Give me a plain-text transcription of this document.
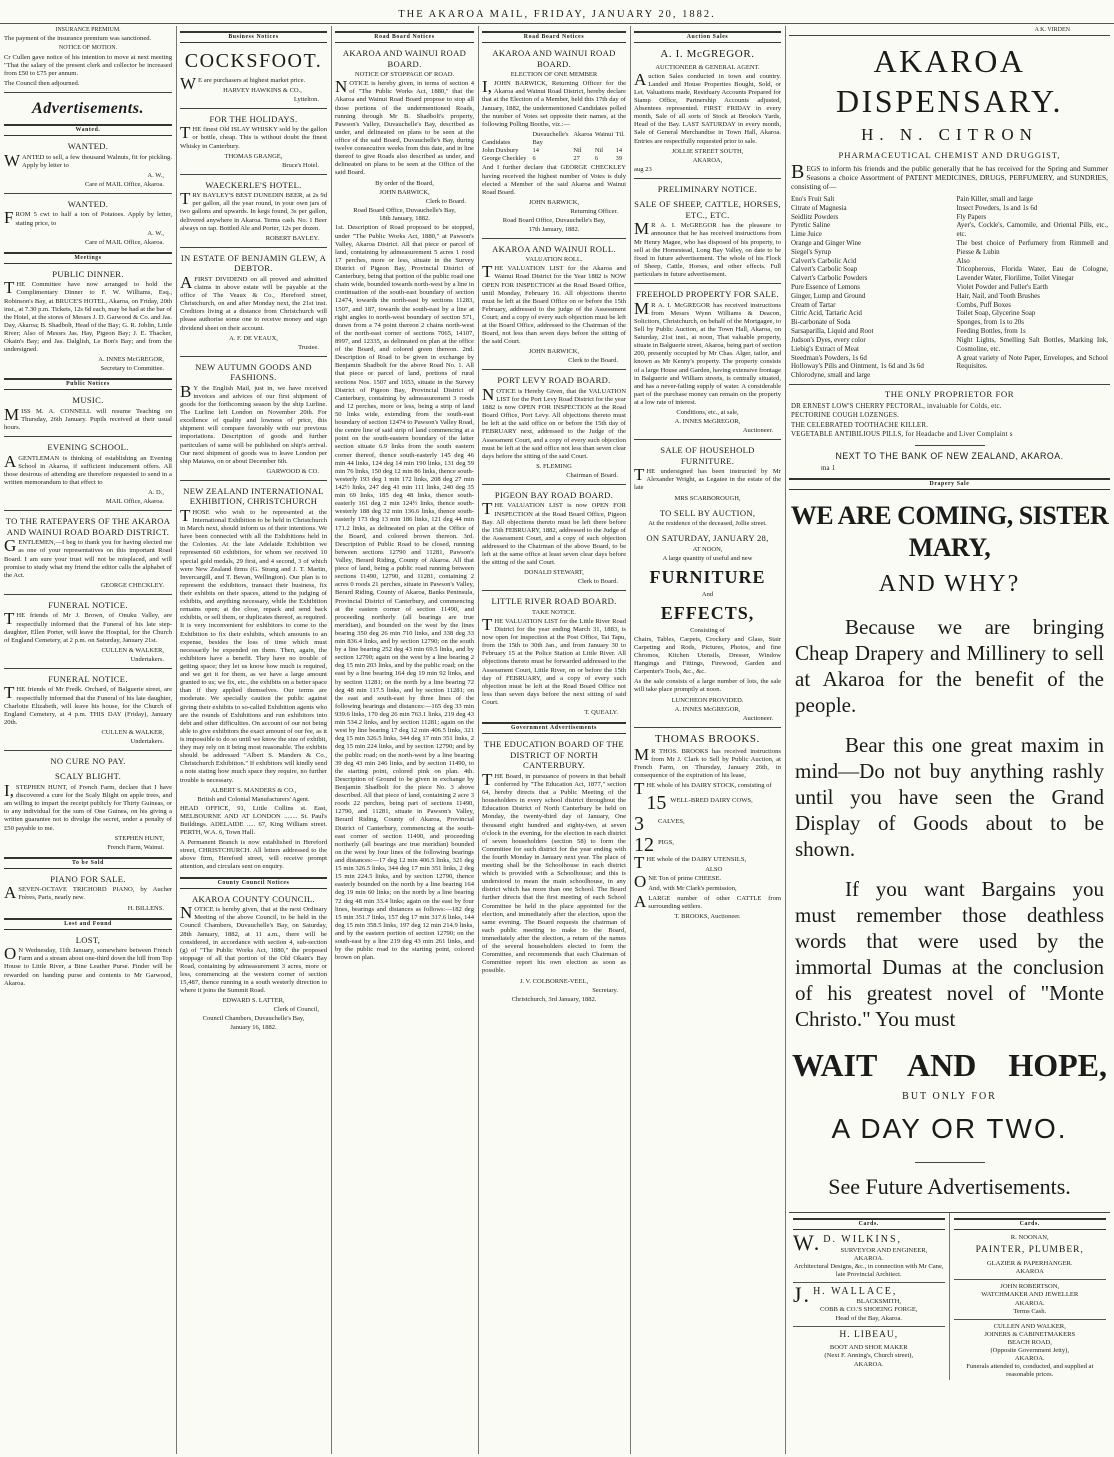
THE AKAROA MAIL, FRIDAY, JANUARY 20, 1882.
INSURANCE PREMIUM.
The payment of the insurance premium was sanctioned.
NOTICE OF MOTION.
Cr Cullen gave notice of his intention to move at next meeting "That the salary of the present clerk and collector be increased from £50 to £75 per annum.
The Council then adjourned.
Advertisements.
Wanted.
WANTED.
WANTED to sell, a few thousand Walnuts, fit for pickling. Apply by letter to
A. W.,
Care of MAIL Office, Akaroa.
WANTED.
FROM 5 cwt to half a ton of Potatoes. Apply by letter, stating price, to
A. W.,
Care of MAIL Office, Akaroa.
Meetings
PUBLIC DINNER.
THE Committee have now arranged to hold the Complimentary Dinner to F. W. Williams, Esq., Robinson's Bay, at BRUCE'S HOTEL, Akaroa, on Friday, 20th inst., at 7.30 p.m. Tickets, 12s 6d each, may be had at the bar of the Hotel, at the stores of Messrs J. D. Garwood & Co. and Jas. Day, Akaroa; B. Shadbolt, Head of the Bay; G. R. Joblin, Little River; Also of Messrs Jas. Hay, Pigeon Bay; J. E. Thacker, Okain's Bay; and Jas. Dalglish, Le Bon's Bay; and from the undersigned.
A. INNES McGREGOR,
Secretary to Committee.
Public Notices
MUSIC.
MISS M. A. CONNELL will resume Teaching on Thursday, 26th January. Pupils received at their usual hours.
EVENING SCHOOL.
AGENTLEMAN is thinking of establishing an Evening School in Akaroa, if sufficient inducement offers. All those desirous of attending are therefore requested to send in a written memorandum to that effect to
A. D.,
MAIL Office, Akaroa.
TO THE RATEPAYERS OF THE AKAROA AND WAINUI ROAD BOARD DISTRICT.
GENTLEMEN,—I beg to thank you for having elected me as one of your representatives on this important Road Board. I am sure your trust will not be misplaced, and will promise to study what my friend the editor calls the alphabet of the Act.
GEORGE CHECKLEY.
FUNERAL NOTICE.
THE friends of Mr J. Brown, of Onuku Valley, are respectfully informed that the Funeral of his late step-daughter, Ellen Porter, will leave the Hospital, for the Church of England Cemetery, at 2 p.m. on Saturday, January 21st.
CULLEN & WALKER,
Undertakers.
FUNERAL NOTICE.
THE friends of Mr Fredk. Orchard, of Balguerie street, are respectfully informed that the Funeral of his late daughter, Charlotte Elizabeth, will leave his house, for the Church of England Cemetery, at 4 p.m. THIS DAY (Friday), January 20th.
CULLEN & WALKER,
Undertakers.
NO CURE NO PAY.
SCALY BLIGHT.
I,STEPHEN HUNT, of French Farm, declare that I have discovered a cure for the Scaly Blight on apple trees, and am willing to impart the receipt publicly for Thirty Guineas, or to any individual for the sum of One Guinea, on his giving a written guarantee not to divulge the secret, under a penalty of £50 payable to me.
STEPHEN HUNT,
French Farm, Wainui.
To be Sold
PIANO FOR SALE.
ASEVEN-OCTAVE TRICHORD PIANO, by Aucher Frères, Paris, nearly new.
H. BILLENS.
Lost and Found
LOST,
ON Wednesday, 11th January, somewhere between French Farm and a stream about one-third down the hill from Top House to Little River, a Bine Leather Purse. Finder will be rewarded on handing purse and contents to Mr Garwood, Akaroa.
Business Notices
COCKSFOOT.
WE are purchasers at highest market price.
HARVEY HAWKINS & CO.,
Lyttelton.
FOR THE HOLIDAYS.
THE finest Old ISLAY WHISKY sold by the gallon or bottle, cheap. This is without doubt the finest Whisky in Canterbury.
THOMAS GRANGE,
Bruce's Hotel.
WAECKERLE'S HOTEL.
TRY BAYLEY'S BEST DUNEDIN BEER, at 2s 9d per gallon, all the year round, in your own jars of two gallons and upwards. In kegs found, 3s per gallon, delivered anywhere in Akaroa. Terms cash. No. 1 Beer always on tap. Bottled Ale and Porter, 12s per dozen.
ROBERT BAYLEY.
IN ESTATE OF BENJAMIN GLEW, A DEBTOR.
AFIRST DIVIDEND on all proved and admitted claims in above estate will be payable at the office of The Veaux & Co., Hereford street, Christchurch, on and after Monday next, the 21st inst. Creditors living at a distance from Christchurch will please authorise some one to receive money and sign dividend sheet on their account.
A. F. DE VEAUX,
Trustee.
NEW AUTUMN GOODS AND FASHIONS.
BY the English Mail, just in, we have received invoices and advices of our first shipment of goods for the forthcoming season by the ship Lurline. The Lurline left London on November 20th. For excellence of quality and lowness of price, this shipment will compare favorably with our previous importations. Description of goods and further particulars of same will be published on ship's arrival. Our next shipment of goods was to leave London per ship Matawa, on or about December 6th.
GARWOOD & CO.
NEW ZEALAND INTERNATIONAL EXHIBITION, CHRISTCHURCH
THOSE who wish to be represented at the International Exhibition to be held in Christchurch in March next, should inform us of their intentions. We have been connected with all the Exhibitions held in the Colonies. At the late Adelaide Exhibition we represented 60 exhibitors, for whom we received 10 special gold medals, 29 first, and 4 second, 3 of which were New Zealand firms (G. Strang and J. T. Martin, Invercargill, and T. Bevan, Wellington). Our plan is to represent the exhibitors, transact their business, fix their exhibits on their spaces, attend to the judging of exhibits, and anything necessary, while the Exhibition remains open; at the close, repack and send back exhibits, or sell them, or duplicates thereof, as required. It is very inconvenient for exhibitors to come to the Exhibition to fix their exhibits, which amounts to an expense, besides the loss of time which must necessarily be expended on them. Then, again, the exhibitors have a benefit. They have no trouble of getting space; they let us know how much is required, and we get it for them, as we have a large amount granted to us; we fix, etc., the exhibits on a better space than if they applied themselves. Our terms are moderate. We specially caution the public against giving their exhibits to so-called Exhibition agents who are the rounds of Exhibitions and run exhibitors into debt and other difficulties. On account of our not being able to give exhibitors the exact amount of our fee, as it is impossible to do so until we know the size of exhibit, they may rely on it being most reasonable. The exhibits should be addressed "Albert S. Manders & Co., Christchurch Exhibition." If exhibitors will kindly send a note stating how much space they require, no further trouble is necessary.
ALBERT S. MANDERS & CO.,
British and Colonial Manufacturers' Agent.
HEAD OFFICE, 91, Little Collins st. East, MELBOURNE AND AT LONDON ........ St. Paul's Buildings. ADELAIDE ..... 67, King William street. PERTH, W.A. 6, Town Hall.
A Permanent Branch is now established in Hereford street, CHRISTCHURCH. All letters addressed to the above firm, Hereford street, will receive prompt attention, and circulars sent on enquiry.
County Council Notices
AKAROA COUNTY COUNCIL.
NOTICE is hereby given, that at the next Ordinary Meeting of the above Council, to be held in the Council Chambers, Duvauchelle's Bay, on Saturday, 28th January, 1882, at 11 a.m., there will be considered, in accordance with section 4, sub-section (g) of "The Public Works Act, 1880," the proposed stoppage of all that portion of the Old Okain's Bay Road, containing by admeasurement 3 acres, more or less, commencing at the western corner of section 15,487, thence running in a south westerly direction to where it joins the Summit Road.
EDWARD S. LATTER,
Clerk of Council,
Council Chambers, Duvauchelle's Bay,
January 16, 1882.
Road Board Notices
AKAROA AND WAINUI ROAD BOARD.
NOTICE OF STOPPAGE OF ROAD.
NOTICE is hereby given, in terms of section 4 of "The Public Works Act, 1880," that the Akaroa and Wainui Road Board propose to stop all those portions of the undermentioned Roads, running through Mr B. Shadbolt's property, Pawson's Valley, Duvauchelle's Bay, described as under, and delineated on plans to be seen at the office of the said Board, Duvauchelle's Bay, during twelve consecutive weeks from this date, and in line thereof to give Roads also described as under, and delineated on plans to be seen at the Office of the said Board.
By order of the Board,
JOHN BARWICK,
Clerk to Board.
Road Board Office, Duvauchelle's Bay,
18th January, 1882.
1st. Description of Road proposed to be stopped, under "The Public Works Act, 1880," at Pawson's Valley, Akaroa District. All that piece or parcel of land, containing by admeasurement 5 acres 1 rood 17 perches, more or less, situate in the Survey District of Pigeon Bay, Provincial District of Canterbury, being that portion of the public road one chain wide, bounded towards north-west by a line in continuation of the south-east boundary of section 12474, towards the north-east by sections 11283, 1507, and 187, towards the south-east by a line at right angles to north-west boundary of section 571, drawn from a 74 point thereon 2 chains north-west of the north-east corner of sections 7065, 14107, 8997, and 12335, as delineated on plan at the office of the Board, and colored green thereon. 2nd. Description of Road to be given in exchange by Benjamin Shadbolt for the above Road No. 1. All that piece or parcel of land, portions of rural sections Nos. 1507 and 1653, situate in the Survey District of Pigeon Bay, Provincial District of Canterbury, containing by admeasurement 3 roods and 12 perches, more or less, being a strip of land 50 links wide, extending from the south-east boundary of section 12474 to Pawson's Valley Road, the centre line of said strip of land commencing at a point on the south-eastern boundary of the latter section situate 6.9 links from the south eastern corner thereof, thence south-easterly 145 deg 46 min 44 links, 124 deg 14 min 190 links, 131 deg 59 min 76 links, 150 deg 12 min 86 links, thence south-westerly 193 deg 1 min 172 links, 208 deg 27 min 142½ links, 247 deg 41 min 111 links, 240 deg 35 min 69 links, 185 deg 48 links, thence south-easterly 161 deg 2 min 124½ links, thence south-westerly 188 deg 32 min 136.6 links, thence south-easterly 173 deg 13 min 186 links, 121 deg 44 min 171.2 links, as delineated on plan at the Office of the Board, and colored brown thereon. 3rd. Description of Public Road to be closed, running between sections 12790 and 11281, Pawson's Valley, Berard Riding, County of Akaroa. All that piece of land, being a public road running between sections 11490, 12790, and 11281, containing 2 acres 0 roods 21 perches, situate in Pawson's Valley, Berard Riding, County of Akaroa, Banks Peninsula, Provincial District of Canterbury, and commencing at the eastern corner of section 11490, and proceeding northerly (all bearings are true meridian), and bounded on the west by the lines bearing 350 deg 26 min 710 links, and 338 deg 33 min 836.4 links, and by section 12790; on the south by a line bearing 252 deg 43 min 69.5 links, and by section 12790; again on the west by a line bearing 2 deg 15 min 203 links, and by the public road; on the east by a line bearing 164 deg 19 min 92 links, and by section 11281; on the north by a line bearing 72 deg 48 min 117.5 links, and by section 11281; on the east and south-east by three lines of the following bearings and distances:—165 deg 33 min 939.6 links, 170 deg 26 min 763.1 links, 219 deg 43 min 534.2 links, and by section 11281; again on the west by line bearing 17 deg 12 min 406.5 links, 321 deg 15 min 326.5 links, 344 deg 17 min 351 links, 2 deg 15 min 224 links, and by section 12790; and by the public road; on the north-west by a line bearing 39 deg 43 min 246 links, and by section 11490, to the starting point, colored pink on plan. 4th. Description of Ground to be given in exchange by Benjamin Shadbolt for the piece No. 3 above described. All that piece of land, containing 2 acre 3 roods 22 perches, being part of sections 11490, 12790, and 11281, situate in Pawson's Valley, Berard Riding, County of Akaroa, Provincial District of Canterbury, commencing at the south-east corner of section 11490, and proceeding northerly (all bearings are true meridian) bounded on the west by four lines of the following bearings and distances:—17 deg 12 min 406.5 links, 321 deg 15 min 326.5 links, 344 deg 17 min 351 links, 2 deg 15 min 224.5 links, and by section 12790, thence easterly bounded on the north by a line bearing 164 deg 19 min 60 links; on the north by a line bearing 72 deg 48 min 33.4 links; again on the east by four lines, bearings and distances as follows:—182 deg 15 min 351.7 links, 157 deg 17 min 317.6 links, 144 deg 15 min 358.5 links, 197 deg 12 min 214.9 links, and by the eastern portion of section 12790; on the south-east by a line 219 deg 43 min 261 links, and by the public road to the starting point, colored brown on plan.
Road Board Notices
AKAROA AND WAINUI ROAD BOARD.
ELECTION OF ONE MEMBER
I,JOHN BARWICK, Returning Officer for the Akaroa and Wainui Road District, hereby declare that at the Election of a Member, held this 17th day of January, 1882, the undermentioned Candidates polled the number of Votes set opposite their names, at the following Polling Booths, viz.:—
	Duvauchelle's	Akaroa	Wainui	Ttl.
Candidates	Bay			
John Duxbury	14	Nil	Nil	14
George Checkley	6	27	6	39
And I further declare that GEORGE CHECKLEY having received the highest number of Votes is duly elected a Member of the said Akaroa and Wainui Road Board.
JOHN BARWICK,
Returning Officer.
Road Board Office, Duvauchelle's Bay,
17th January, 1882.
AKAROA AND WAINUI ROLL.
VALUATION ROLL.
THE VALUATION LIST for the Akaroa and Wainui Road District for the Year 1882 is NOW OPEN FOR INSPECTION at the Road Board Office, until Monday, February 16. All objections thereto must be left at the Board Office on or before the 15th February, addressed to the judge of the Assessment Court; and a copy of every such objection must be left at the Board Office, addressed to the Chairman of the Board, not less than seven days before the sitting of the said Court.
JOHN BARWICK,
Clerk to the Board.
PORT LEVY ROAD BOARD.
NOTICE is Hereby Given, that the VALUATION LIST for the Port Levy Road District for the year 1882 is now OPEN FOR INSPECTION at the Road Board Office, Port Levy. All objections thereto must be left at the said office on or before the 15th day of FEBRUARY next, addressed to the Judge of the Assessment Court, and a copy of every such objection must be left at the said office not less than seven clear days before the sitting of the said Court.
S. FLEMING
Chairman of Board.
PIGEON BAY ROAD BOARD.
THE VALUATION LIST is now OPEN FOR INSPECTION at the Road Board Office, Pigeon Bay. All objections thereto must be left there before the 15th FEBRUARY, 1882, addressed to the Judge of the Assessment Court, and a copy of such objection addressed to the Chairman of the above Board, to be left at the same office at least seven clear days before the sitting of the said Court.
DONALD STEWART,
Clerk to Board.
LITTLE RIVER ROAD BOARD.
TAKE NOTICE.
THE VALUATION LIST for the Little River Road District for the year ending March 31, 1883, is now open for inspection at the Post Office, Tai Tapu, from the 15th to 30th Jan., and from January 30 to February 15 at the Police Station at Little River. All objections thereto must be forwarded addressed to the Assessment Court, Little River, on or before the 15th day of FEBRUARY, and a copy of every such objection must be left at the Road Board Office not less than seven days before the next sitting of said Court.
T. QUEALY.
Government Advertisements
THE EDUCATION BOARD OF THE DISTRICT OF NORTH CANTERBURY.
THE Board, in pursuance of powers in that behalf conferred by "The Education Act, 1877," section 64, hereby directs that a Public Meeting of the householders in every school district throughout the Education District of North Canterbury be held on Monday, the twenty-third day of January, One thousand eight hundred and eighty-two, at seven o'clock in the evening, for the election in each district of seven householders (section 58) to form the Committee for such district for the year ending with the fourth Monday in January next year. The place of meeting shall be the Schoolhouse in each district which is provided with a Schoolhouse; and this is understood to mean the main schoolhouse, in any district which has more than one School. The Board further directs that the first meeting of each School Committee be held in the place appointed for the election, and immediately after the election, upon the same evening. The Board requests the chairman of each public meeting to make to the Board, immediately after the election, a return of the names of the several householders elected to form the Committee, and recommends that each Chairman of Committee report his own election as soon as possible.
J. V. COLBORNE-VEEL,
Secretary.
Christchurch, 3rd January, 1882.
Auction Sales
A. I. McGREGOR.
AUCTIONEER & GENERAL AGENT.
Auction Sales conducted in town and country. Landed and House Properties Bought, Sold, or Let. Valuations made, Residuary Accounts Prepared for Stamp Office, Partnership Accounts adjusted, Absentees represented. FIRST FRIDAY in every month, Sale of all sorts of Stock at Brooks's Yards, Head of the Bay. LAST SATURDAY in every month, Sale of General Merchandise in Town Hall, Akaroa. Entries are respectfully requested prior to sale.
JOLLIE STREET SOUTH,
AKAROA,
aug 23
PRELIMINARY NOTICE.
SALE OF SHEEP, CATTLE, HORSES, ETC., ETC.
MR A. I. McGREGOR has the pleasure to announce that he has received instructions from Mr Henry Magee, who has disposed of his property, to sell at the Homestead, Long Bay Valley, on date to be fixed in future advertisement. The whole of his Flock of Sheep, Cattle, Horses, and other effects. Full particulars in future advertisement.
FREEHOLD PROPERTY FOR SALE.
MR A. I. McGREGOR has received instructions from Messrs Wynn Williams & Deacon, Solicitors, Christchurch, on behalf of the Mortgagee, to Sell by Public Auction, at the Town Hall, Akaroa, on Saturday, 21st inst., at noon, That valuable property, situate in Balguerie street, Akaroa, being part of section 200, presently occupied by Mr Chas. Alger, tailor, and known as Mr Kenny's property. The property consists of a large House and Garden, having extensive frontage in Balguerie and William streets, is centrally situated, and has a never-failing supply of water. A considerable part of the purchase money can remain on the property at a low rate of interest.
Conditions, etc., at sale,
A. INNES McGREGOR,
Auctioneer.
SALE OF HOUSEHOLD FURNITURE.
THE undersigned has been instructed by Mr Alexander Wright, as Legatee in the estate of the late
MRS SCARBOROUGH,
TO SELL BY AUCTION,
At the residence of the deceased, Jollie street.
ON SATURDAY, JANUARY 28,
AT NOON,
A large quantity of useful and new
FURNITURE
And
EFFECTS,
Consisting of
Chairs, Tables, Carpets, Crockery and Glass, Stair Carpeting and Rods, Pictures, Photos, and fine Chromos, Kitchen Utensils, Dresser, Window Hangings and Fittings, Firewood, Garden and Carpenter's Tools, &c., &c.
As the sale consists of a large number of lots, the sale will take place promptly at noon.
LUNCHEON PROVIDED.
A. INNES McGREGOR,
Auctioneer.
THOMAS BROOKS.
MR THOS. BROOKS has received instructions from Mr J. Clark to Sell by Public Auction, at French Farm, on Thursday, January 26th, in consequence of the expiration of his lease,
THE whole of his DAIRY STOCK, consisting of
15 WELL-BRED DAIRY COWS,
3	CALVES,
12 PIGS,
THE whole of the DAIRY UTENSILS,
ALSO
ONE Ton of prime CHEESE.
And, with Mr Clark's permission,
ALARGE number of other CATTLE from surrounding settlers.
T. BROOKS, Auctioneer.
A K. VIRDEN
AKAROA DISPENSARY.
H. N. CITRON
PHARMACEUTICAL CHEMIST AND DRUGGIST,
BEGS to inform his friends and the public generally that he has received for the Spring and Summer Seasons a choice Assortment of PATENT MEDICINES, DRUGS, PERFUMERY, and SUNDRIES, consisting of—
Eno's Fruit Salt
Citrate of Magnesia
Seidlitz Powders
Pyretic Saline
Lime Juice
Orange and Ginger Wine
Siegel's Syrup
Calvert's Carbolic Acid
Calvert's Carbolic Soap
Calvert's Carbolic Powders
Pure Essence of Lemons
Ginger, Lump and Ground
Cream of Tartar
Citric Acid, Tartaric Acid
Bi-carbonate of Soda
Sarsaparilla, Liquid and Root
Judson's Dyes, every color
Liebig's Extract of Meat
Steedman's Powders, 1s 6d
Holloway's Pills and Ointment, 1s 6d and 3s 6d
Chlorodyne, small and large
Pain Killer, small and large
Insect Powders, 1s and 1s 6d
Fly Papers
Ayer's, Cockle's, Camomile, and Oriental Pills, etc., etc.
The best choice of Perfumery from Rimmell and Piesse & Lubin
Also
Tricopherous, Florida Water, Eau de Cologne, Lavender Water, Florilime, Toilet Vinegar
Violet Powder and Fuller's Earth
Hair, Nail, and Tooth Brushes
Combs, Puff Boxes
Toilet Soap, Glycerine Soap
Sponges, from 1s to 20s
Feeding Bottles, from 1s
Night Lights, Smelling Salt Bottles, Marking Ink, Cosmoline, etc.
A great variety of Note Paper, Envelopes, and School Requisites.
THE ONLY PROPRIETOR FOR
DR ERNEST LOW'S CHERRY PECTORAL, invaluable for Colds, etc.
PECTORINE COUGH LOZENGES.
THE CELEBRATED TOOTHACHE KILLER.
VEGETABLE ANTIBILIOUS PILLS, for Headache and Liver Complaint s
NEXT TO THE BANK OF NEW ZEALAND, AKAROA.
ma 1
Drapery Sale
WE ARE COMING, SISTER MARY,
AND WHY?
Because we are bringing Cheap Drapery and Millinery to sell at Akaroa for the benefit of the people.
Bear this one great maxim in mind—Do not buy anything rashly until you have seen the Grand Display of Goods about to be shown.
If you want Bargains you must remember those deathless words that were used by the immortal Dumas at the conclusion of his greatest novel of "Monte Christo." You must
WAIT AND HOPE,
BUT ONLY FOR
A DAY OR TWO.
See Future Advertisements.
Cards.
W.D. WILKINS,
SURVEYOR AND ENGINEER,
AKAROA.
Architectural Designs, &c., in connection with Mr Cane, late Provincial Architect.
J.H. WALLACE,
BLACKSMITH,
COBB & CO.'S SHOEING FORGE,
Head of the Bay, Akaroa.
H. LIBEAU,
BOOT AND SHOE MAKER
(Next F. Anning's, Church street),
AKAROA.
Cards.
R. NOONAN,
PAINTER, PLUMBER,
GLAZIER & PAPERHANGER.
AKAROA
JOHN ROBERTSON,
WATCHMAKER AND JEWELLER
AKAROA.
Terms Cash.
CULLEN AND WALKER,
JOINERS & CABINETMAKERS
BEACH ROAD,
(Opposite Government Jetty),
AKAROA.
Funerals attended to, conducted, and supplied at reasonable prices.
